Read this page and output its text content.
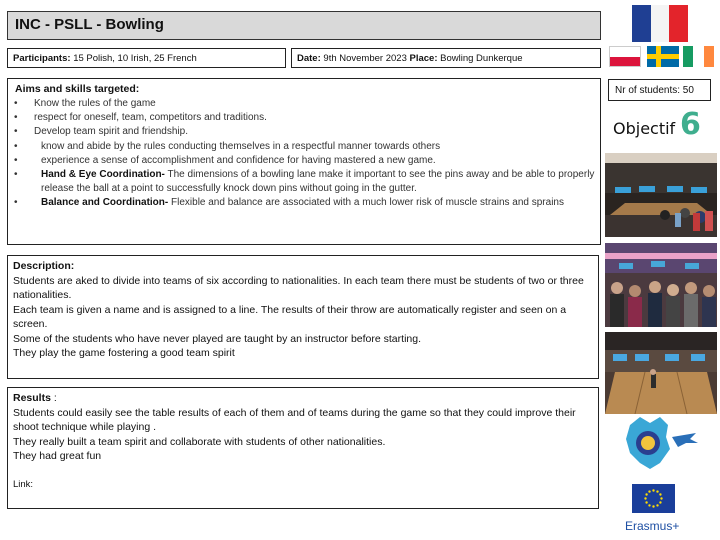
INC - PSLL - Bowling
Participants: 15 Polish, 10 Irish, 25 French	Date: 9th November 2023 Place: Bowling Dunkerque
Nr of students: 50
Objectif 6
Aims and skills targeted:
• Know the rules of the game
• respect for oneself, team, competitors and traditions.
• Develop team spirit and friendship.
• know and abide by the rules conducting themselves in a respectful manner towards others
• experience a sense of accomplishment and confidence for having mastered a new game.
• Hand & Eye Coordination- The dimensions of a bowling lane make it important to see the pins away and be able to properly release the ball at a point to successfully knock down pins without going in the gutter.
• Balance and Coordination- Flexible and balance are associated with a much lower risk of muscle strains and sprains

Description:

Students are aked to divide into teams of six according to nationalities. In each team there must be students of two or three nationalities.

Each team is given a name and is assigned to a line. The results of their throw are automatically register and seen on a screen.

Some of the students who have never played are taught by an instructor before starting.

They play the game fostering a good team spirit

Results :

Students could easily see the table results of each of them and of teams during the game so that they could improve their shoot technique while playing .

They really built a team spirit and collaborate with students of other nationalities.

They had great fun

Link:

Erasmus+
